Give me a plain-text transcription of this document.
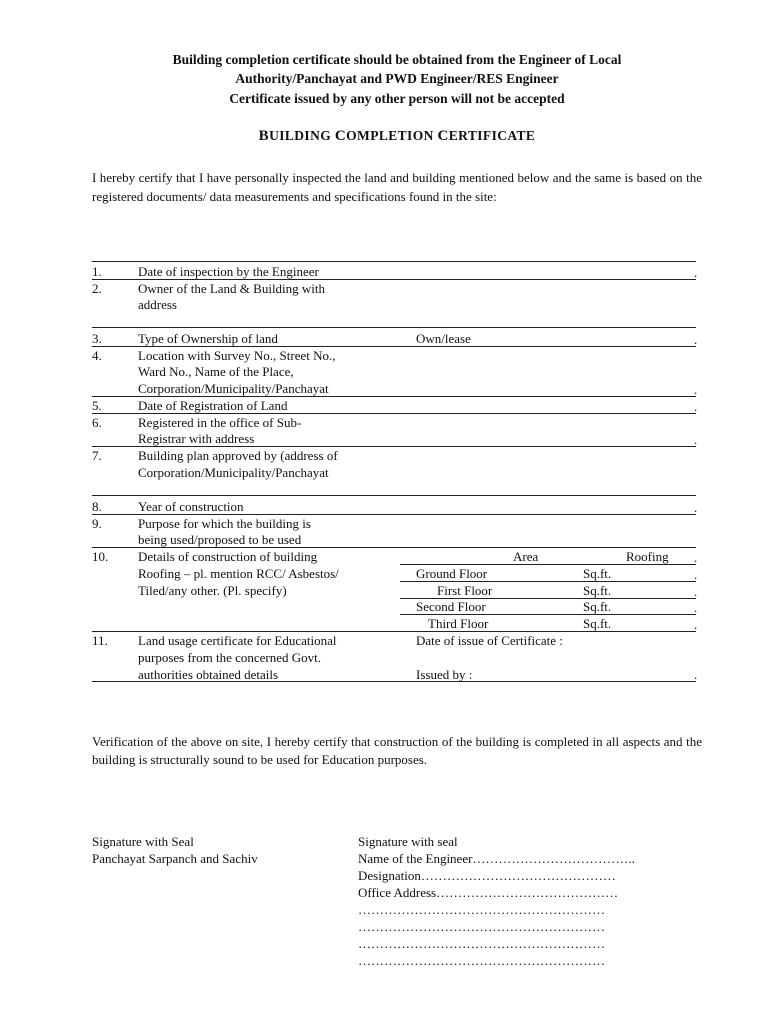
Building completion certificate should be obtained from the Engineer of Local
Authority/Panchayat and PWD Engineer/RES Engineer
Certificate issued by any other person will not be accepted
BUILDING COMPLETION CERTIFICATE
I hereby certify that I have personally inspected the land and building mentioned below and the same is based on the registered documents/ data measurements and specifications found in the site:
.
.
.
.
.
.
.
.
.
.
.
.
1.	Date of inspection by the Engineer
2.	Owner of the Land & Building with
address
3.	Type of Ownership of land	Own/lease
4.	Location with Survey No., Street No.,
Ward No., Name of the Place,
Corporation/Municipality/Panchayat
5.	Date of Registration of Land
6.	Registered in the office of Sub-
Registrar with address
7.	Building plan approved by (address of
Corporation/Municipality/Panchayat
8.	Year of construction
9.	Purpose for which the building is
being used/proposed to be used
10. Details of construction of building
Roofing – pl. mention RCC/ Asbestos/
Tiled/any other. (Pl. specify)
Area	Roofing
Ground Floor	Sq.ft.
First Floor	Sq.ft.
Second Floor	Sq.ft.
Third Floor	Sq.ft.
11. Land usage certificate for Educational
purposes from the concerned Govt.
authorities obtained details
Date of issue of Certificate :
Issued by :
Verification of the above on site, I hereby certify that construction of the building is completed in all aspects and the building is structurally sound to be used for Education purposes.
Signature with Seal
Panchayat Sarpanch and Sachiv
Signature with seal
Name of the Engineer………………………………..
Designation………………………………………
Office Address……………………………………
…………………………………………………
…………………………………………………
…………………………………………………
…………………………………………………
